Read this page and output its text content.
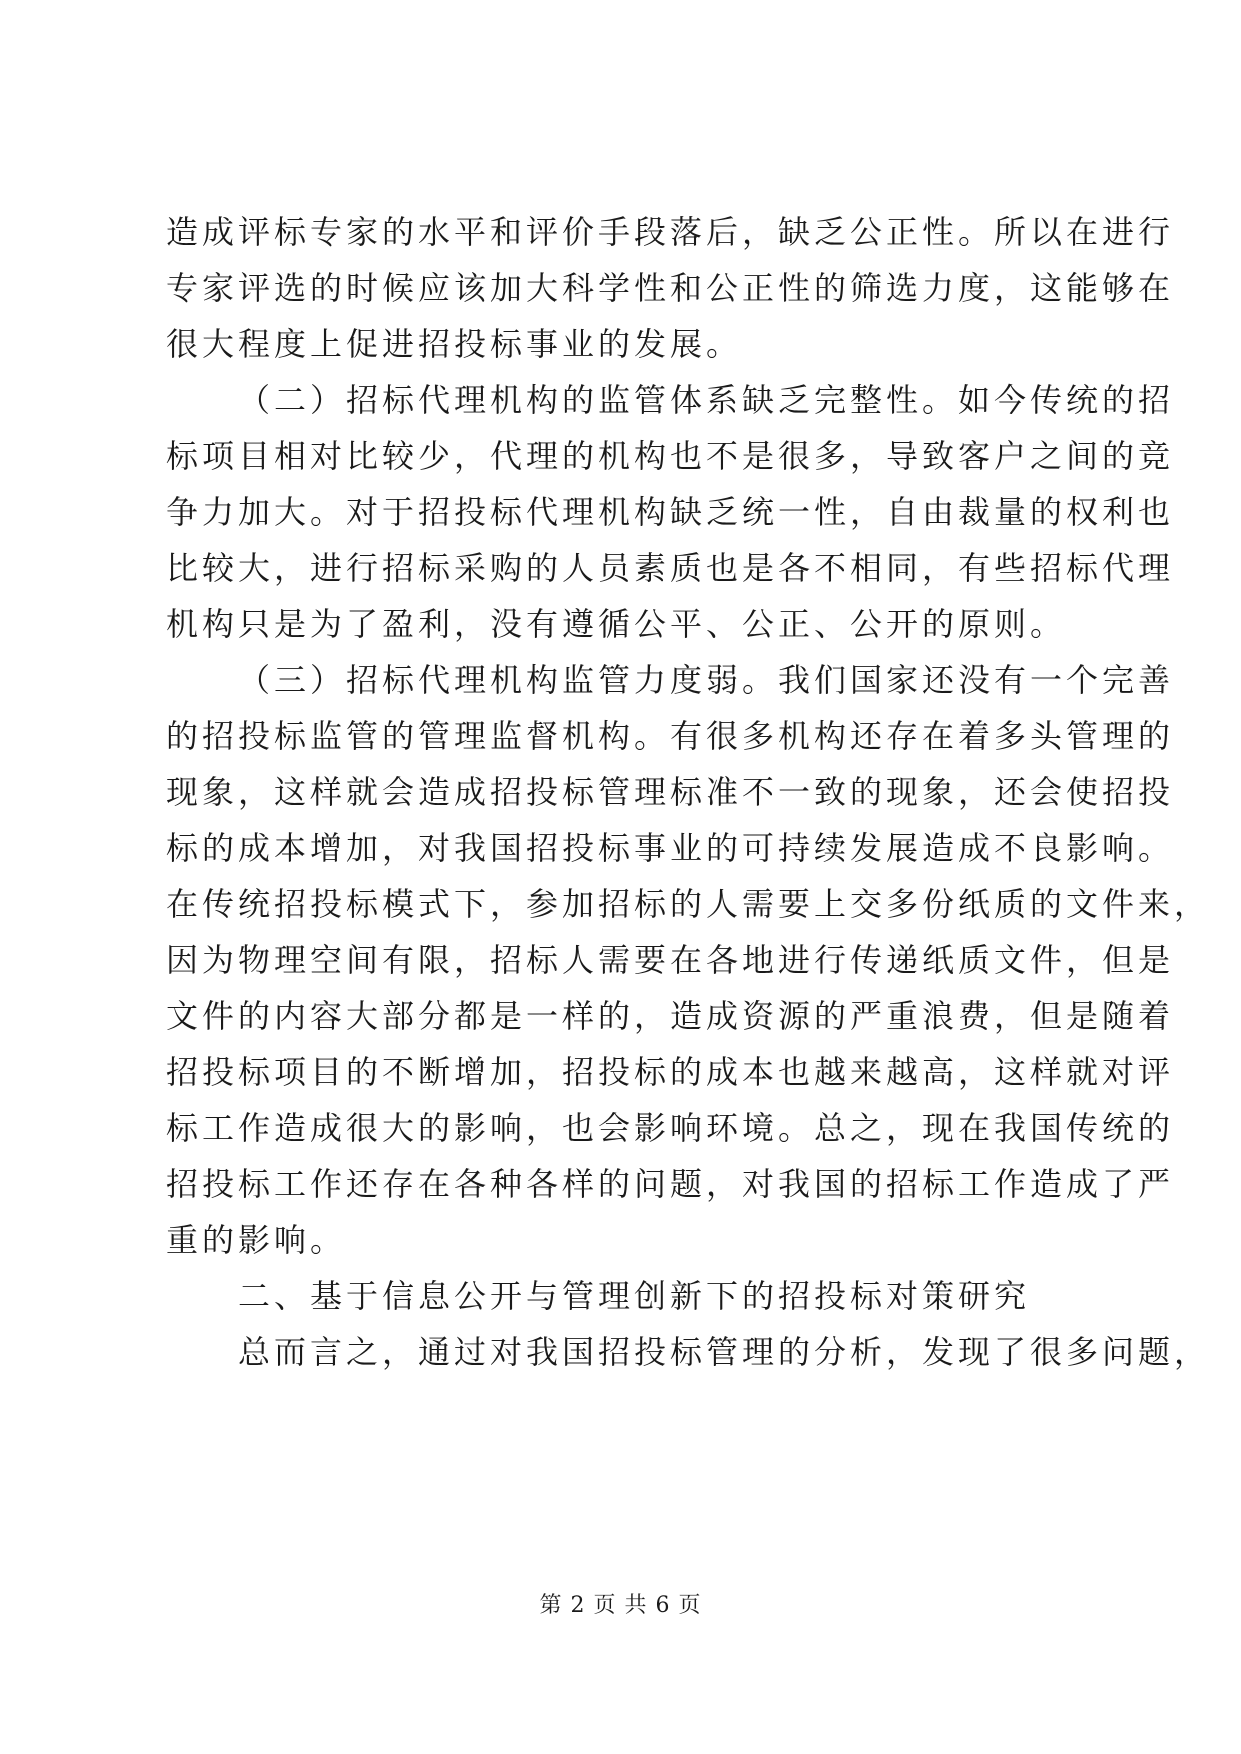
造成评标专家的水平和评价手段落后，缺乏公正性。所以在进行
专家评选的时候应该加大科学性和公正性的筛选力度，这能够在
很大程度上促进招投标事业的发展。
（二）招标代理机构的监管体系缺乏完整性。如今传统的招
标项目相对比较少，代理的机构也不是很多，导致客户之间的竞
争力加大。对于招投标代理机构缺乏统一性，自由裁量的权利也
比较大，进行招标采购的人员素质也是各不相同，有些招标代理
机构只是为了盈利，没有遵循公平、公正、公开的原则。
（三）招标代理机构监管力度弱。我们国家还没有一个完善
的招投标监管的管理监督机构。有很多机构还存在着多头管理的
现象，这样就会造成招投标管理标准不一致的现象，还会使招投
标的成本增加，对我国招投标事业的可持续发展造成不良影响。
在传统招投标模式下，参加招标的人需要上交多份纸质的文件来，
因为物理空间有限，招标人需要在各地进行传递纸质文件，但是
文件的内容大部分都是一样的，造成资源的严重浪费，但是随着
招投标项目的不断增加，招投标的成本也越来越高，这样就对评
标工作造成很大的影响，也会影响环境。总之，现在我国传统的
招投标工作还存在各种各样的问题，对我国的招标工作造成了严
重的影响。
二、基于信息公开与管理创新下的招投标对策研究
总而言之，通过对我国招投标管理的分析，发现了很多问题，
第 2 页 共 6 页
